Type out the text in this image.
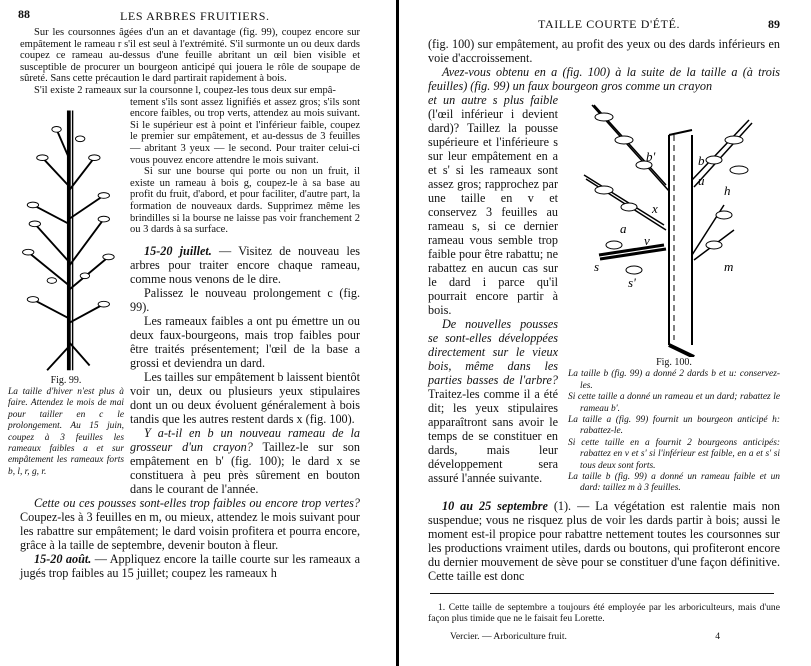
88	LES ARBRES FRUITIERS.

Sur les coursonnes âgées d'un an et davantage (fig. 99), coupez encore sur empâtement le rameau r s'il est seul à l'extrémité. S'il surmonte un ou deux dards coupez ce rameau au-dessus d'une feuille abritant un œil bien visible et susceptible de procurer un bourgeon anticipé qui jouera le rôle de soupape de sûreté. Sans cette précaution le dard partirait rapidement à bois.

S'il existe 2 rameaux sur la coursonne l, coupez-les tous deux sur empâ-

Fig. 99.
La taille d'hiver n'est plus à faire. Attendez le mois de mai pour tailler en c le prolongement. Au 15 juin, coupez à 3 feuilles les rameaux faibles a et sur empâtement les rameaux forts b, l, r, g, r.

tement s'ils sont assez lignifiés et assez gros; s'ils sont encore faibles, ou trop verts, attendez au mois suivant. Si le supérieur est à point et l'inférieur faible, coupez le premier sur empâtement, et au-dessus de 3 feuilles — abritant 3 yeux — le second. Pour traiter celui-ci vous pouvez encore attendre le mois suivant.

Si sur une bourse qui porte ou non un fruit, il existe un rameau à bois g, coupez-le à sa base au profit du fruit, d'abord, et pour faciliter, d'autre part, la formation de nouveaux dards. Supprimez même les brindilles si la bourse ne laisse pas voir franchement 2 ou 3 dards à sa surface.

15-20 juillet. — Visitez de nouveau les arbres pour traiter encore chaque rameau, comme nous venons de le dire.

Palissez le nouveau prolongement c (fig. 99).

Les rameaux faibles a ont pu émettre un ou deux faux-bourgeons, mais trop faibles pour être traités présentement; l'œil de la base a grossi et deviendra un dard.

Les tailles sur empâtement b laissent bientôt voir un, deux ou plusieurs yeux stipulaires dont un ou deux évoluent généralement à bois tandis que les autres restent dards x (fig. 100).

Y a-t-il en b un nouveau rameau de la grosseur d'un crayon? Taillez-le sur son empâtement en b' (fig. 100); le dard x se constituera à peu près sûrement en bouton dans le courant de l'année.

Cette ou ces pousses sont-elles trop faibles ou encore trop vertes? Coupez-les à 3 feuilles en m, ou mieux, attendez le mois suivant pour les rabattre sur empâtement; le dard voisin profitera et pourra encore, grâce à la taille de septembre, devenir bouton à fleur.

15-20 août. — Appliquez encore la taille courte sur les rameaux a jugés trop faibles au 15 juillet; coupez les rameaux h

TAILLE COURTE D'ÉTÉ.	89

(fig. 100) sur empâtement, au profit des yeux ou des dards inférieurs en voie d'accroissement.

Avez-vous obtenu en a (fig. 100) à la suite de la taille a (à trois feuilles) (fig. 99) un faux bourgeon gros comme un crayon

b
b'
u
h
x
a
v
s
s'
m
Fig. 100.

La taille b (fig. 99) a donné 2 dards b et u: conservez-les.

Si cette taille a donné un rameau et un dard; rabattez le rameau b'.

La taille a (fig. 99) fournit un bourgeon anticipé h: rabattez-le.

Si cette taille en a fournit 2 bourgeons anticipés: rabattez en v et s' si l'inférieur est faible, en a et s' si tous deux sont forts.

La taille b (fig. 99) a donné un rameau faible et un dard: taillez m à 3 feuilles.

et un autre s plus faible (l'œil inférieur i devient dard)? Taillez la pousse supérieure et l'inférieure s sur leur empâtement en a et s' si les rameaux sont assez gros; rapprochez par une taille en v et conservez 3 feuilles au rameau s, si ce dernier rameau vous semble trop faible pour être rabattu; ne rabattez en aucun cas sur le dard i parce qu'il pourrait encore partir à bois.

De nouvelles pousses se sont-elles développées directement sur le vieux bois, même dans les parties basses de l'arbre? Traitez-les comme il a été dit; les yeux stipulaires apparaîtront sans avoir le temps de se constituer en dards, mais leur développement sera assuré l'année suivante.

10 au 25 septembre (1). — La végétation est ralentie mais non suspendue; vous ne risquez plus de voir les dards partir à bois; aussi le moment est-il propice pour rabattre nettement toutes les coursonnes sur les productions vraiment utiles, dards ou boutons, qui profiteront encore du dernier mouvement de sève pour se constituer d'une façon définitive. Cette taille est donc

1. Cette taille de septembre a toujours été employée par les arboriculteurs, mais d'une façon plus timide que ne le faisait feu Lorette.

Vercier. — Arboriculture fruit.	4
